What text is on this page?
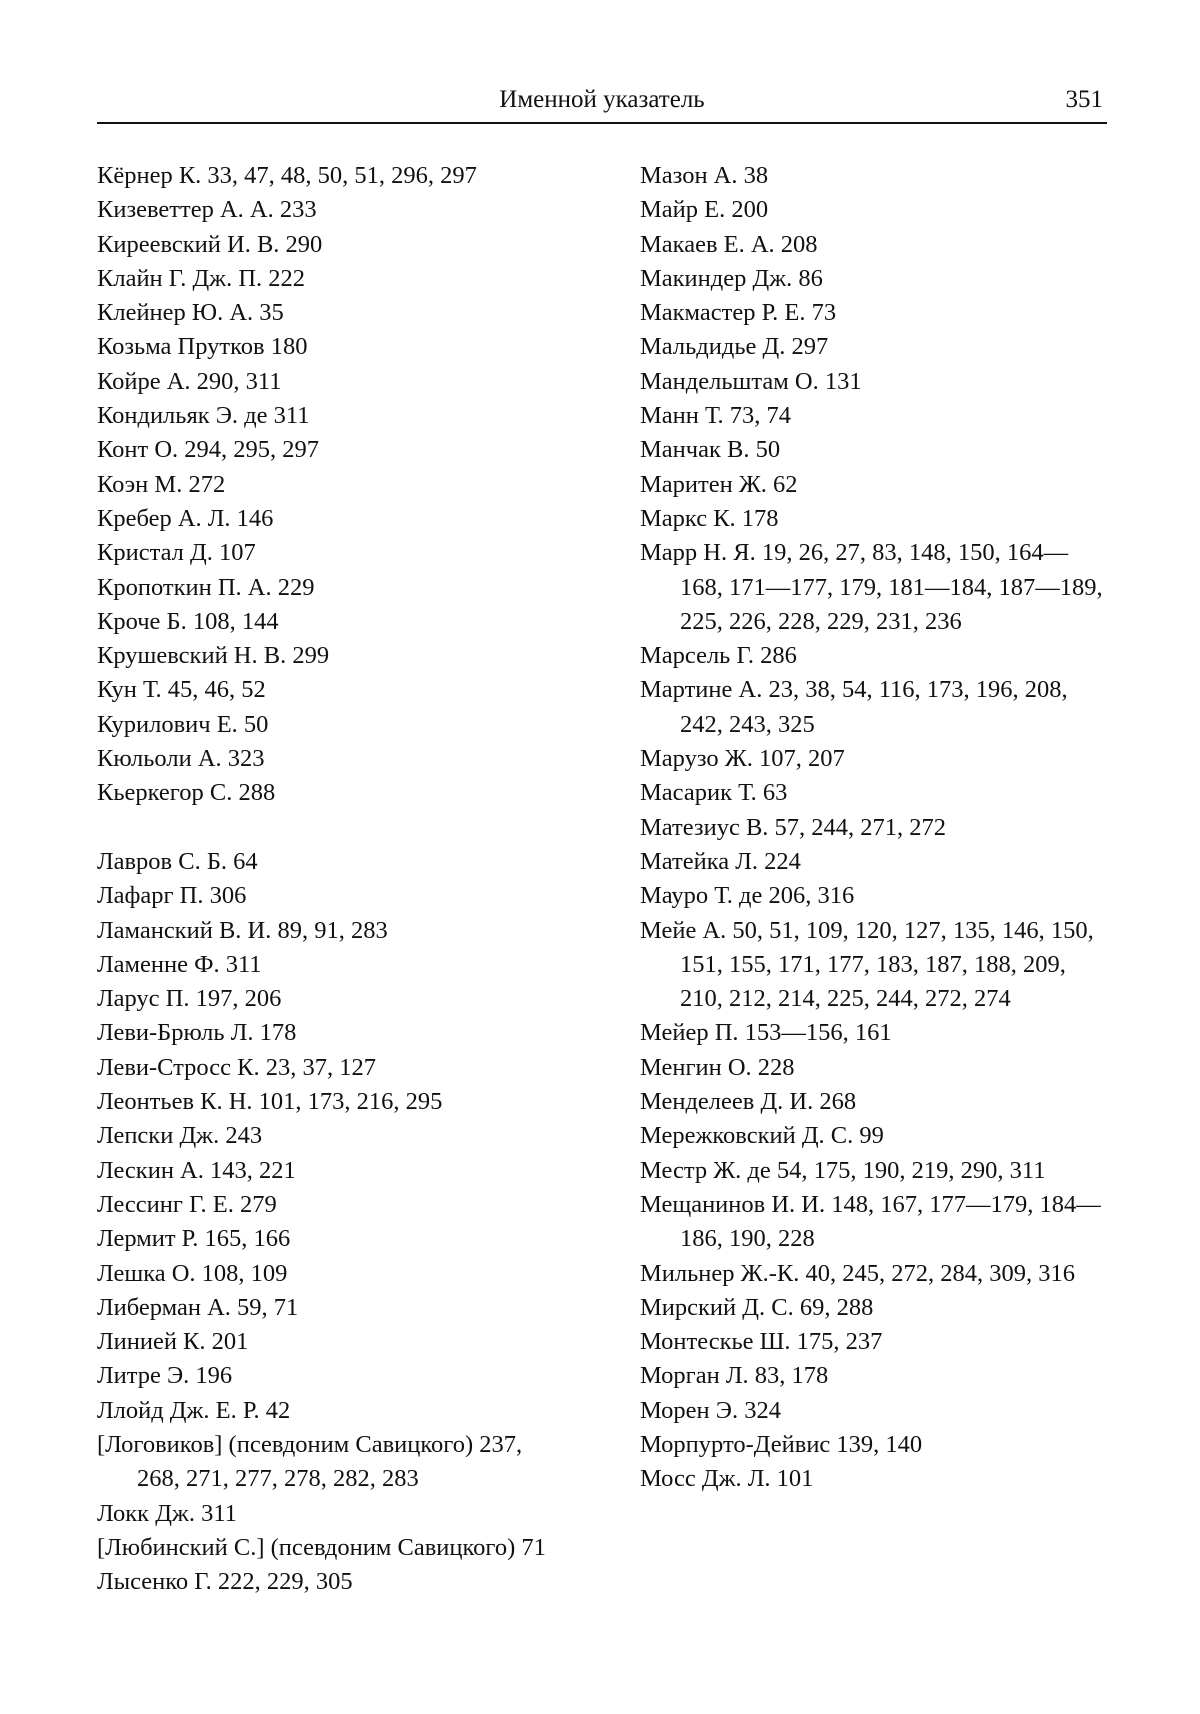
Именной указатель	351
Кёрнер К. 33, 47, 48, 50, 51, 296, 297
Кизеветтер А. А. 233
Киреевский И. В. 290
Клайн Г. Дж. П. 222
Клейнер Ю. А. 35
Козьма Прутков 180
Койре А. 290, 311
Кондильяк Э. де 311
Конт О. 294, 295, 297
Коэн М. 272
Кребер А. Л. 146
Кристал Д. 107
Кропоткин П. А. 229
Кроче Б. 108, 144
Крушевский Н. В. 299
Кун Т. 45, 46, 52
Курилович Е. 50
Кюльоли А. 323
Кьеркегор С. 288
Лавров С. Б. 64
Лафарг П. 306
Ламанский В. И. 89, 91, 283
Ламенне Ф. 311
Ларус П. 197, 206
Леви-Брюль Л. 178
Леви-Стросс К. 23, 37, 127
Леонтьев К. Н. 101, 173, 216, 295
Лепски Дж. 243
Лескин А. 143, 221
Лессинг Г. Е. 279
Лермит Р. 165, 166
Лешка О. 108, 109
Либерман А. 59, 71
Линией К. 201
Литре Э. 196
Ллойд Дж. Е. Р. 42
[Логовиков] (псевдоним Савицкого) 237, 268, 271, 277, 278, 282, 283
Локк Дж. 311
[Любинский С.] (псевдоним Савицкого) 71
Лысенко Г. 222, 229, 305
Мазон А. 38
Майр Е. 200
Макаев Е. А. 208
Макиндер Дж. 86
Макмастер Р. Е. 73
Мальдидье Д. 297
Мандельштам О. 131
Манн Т. 73, 74
Манчак В. 50
Маритен Ж. 62
Маркс К. 178
Марр Н. Я. 19, 26, 27, 83, 148, 150, 164—168, 171—177, 179, 181—184, 187—189, 225, 226, 228, 229, 231, 236
Марсель Г. 286
Мартине А. 23, 38, 54, 116, 173, 196, 208, 242, 243, 325
Марузо Ж. 107, 207
Масарик Т. 63
Матезиус В. 57, 244, 271, 272
Матейка Л. 224
Мауро Т. де 206, 316
Мейе А. 50, 51, 109, 120, 127, 135, 146, 150, 151, 155, 171, 177, 183, 187, 188, 209, 210, 212, 214, 225, 244, 272, 274
Мейер П. 153—156, 161
Менгин О. 228
Менделеев Д. И. 268
Мережковский Д. С. 99
Местр Ж. де 54, 175, 190, 219, 290, 311
Мещанинов И. И. 148, 167, 177—179, 184—186, 190, 228
Мильнер Ж.-К. 40, 245, 272, 284, 309, 316
Мирский Д. С. 69, 288
Монтескье Ш. 175, 237
Морган Л. 83, 178
Морен Э. 324
Морпурто-Дейвис 139, 140
Мосс Дж. Л. 101
